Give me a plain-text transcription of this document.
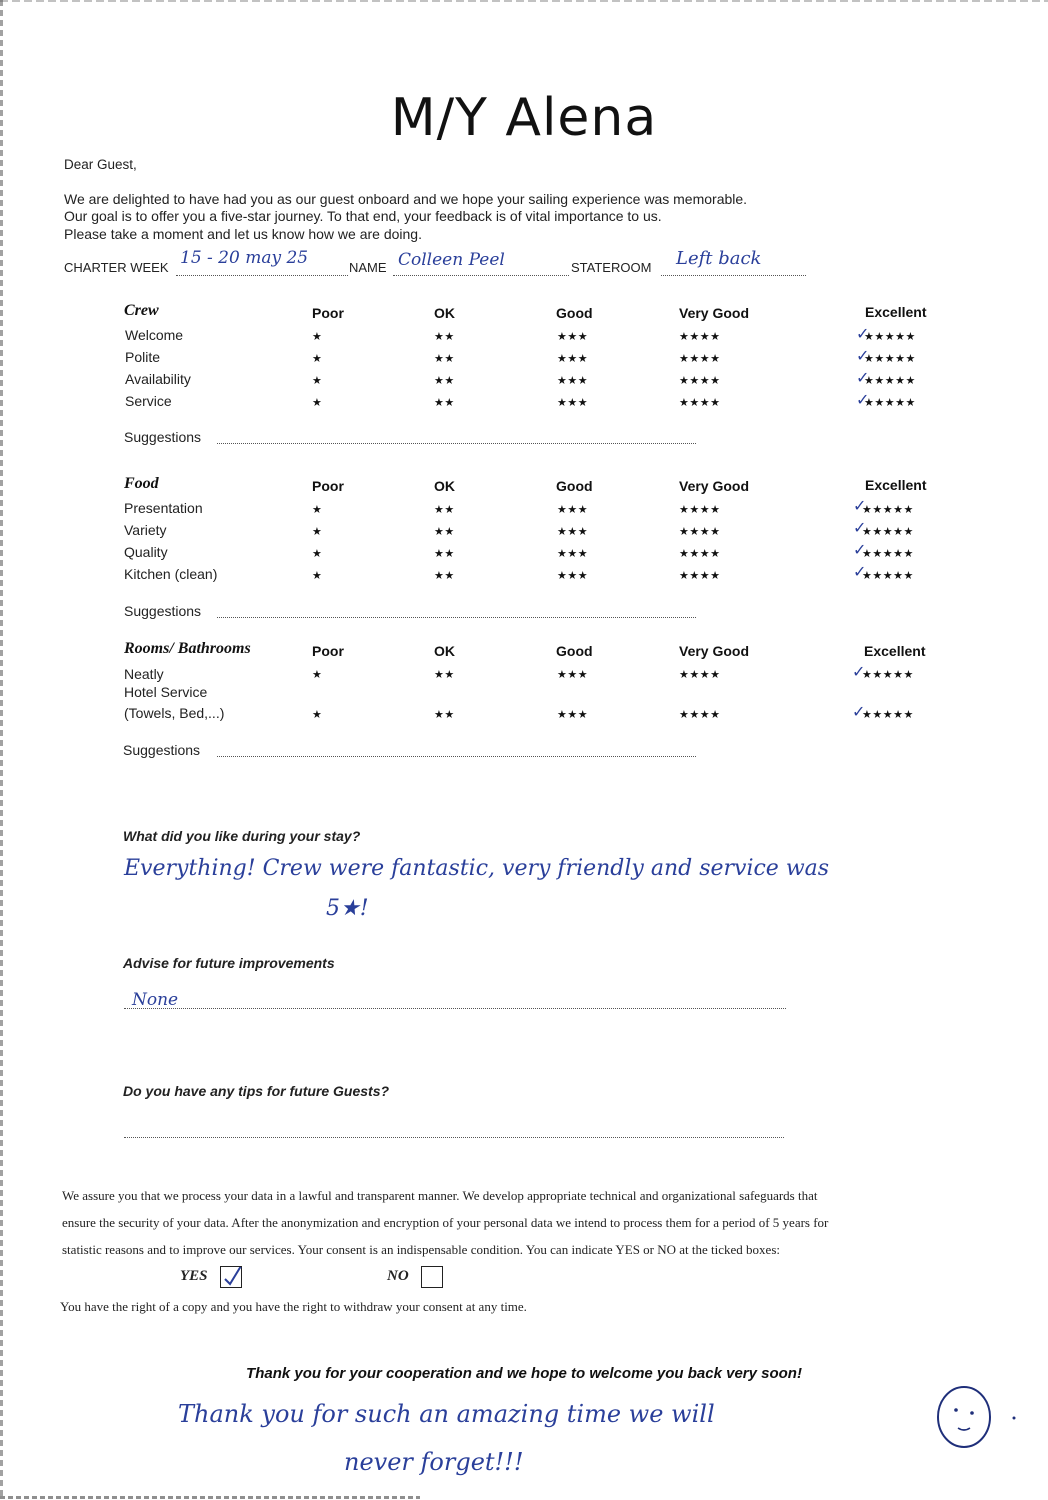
M/Y Alena
Dear Guest,
We are delighted to have had you as our guest onboard and we hope your sailing experience was memorable.
Our goal is to offer you a five-star journey. To that end, your feedback is of vital importance to us.
Please take a moment and let us know how we are doing.
CHARTER WEEK 15 - 20 may 25	NAME Colleen Peel	STATEROOM Left back
Crew	Poor	OK	Good	Very Good	Excellent
Welcome	★	★★	★★★	★★★★	★★★★★
✓
Polite	★	★★	★★★	★★★★	★★★★★
✓
Availability	★	★★	★★★	★★★★	★★★★★
✓
Service	★	★★	★★★	★★★★	★★★★★
✓
Suggestions
Food	Poor	OK	Good	Very Good	Excellent
Presentation	★	★★	★★★	★★★★	★★★★★
✓
Variety	★	★★	★★★	★★★★	★★★★★
✓
Quality	★	★★	★★★	★★★★	★★★★★
✓
Kitchen (clean)	★	★★	★★★	★★★★	★★★★★
✓
Suggestions
Rooms/ Bathrooms	Poor	OK	Good	Very Good	Excellent
Neatly	★	★★	★★★	★★★★	★★★★★
✓
Hotel Service
(Towels, Bed,...)	★	★★	★★★	★★★★	★★★★★
✓
Suggestions
What did you like during your stay?
Everything! Crew were fantastic, very friendly and service was
5★!
Advise for future improvements
None
Do you have any tips for future Guests?
We assure you that we process your data in a lawful and transparent manner. We develop appropriate technical and organizational safeguards that
ensure the security of your data. After the anonymization and encryption of your personal data we intend to process them for a period of 5 years for
statistic reasons and to improve our services. Your consent is an indispensable condition. You can indicate YES or NO at the ticked boxes:
YES	NO
You have the right of a copy and you have the right to withdraw your consent at any time.
Thank you for your cooperation and we hope to welcome you back very soon!
Thank you for such an amazing time we will
never forget!!!
